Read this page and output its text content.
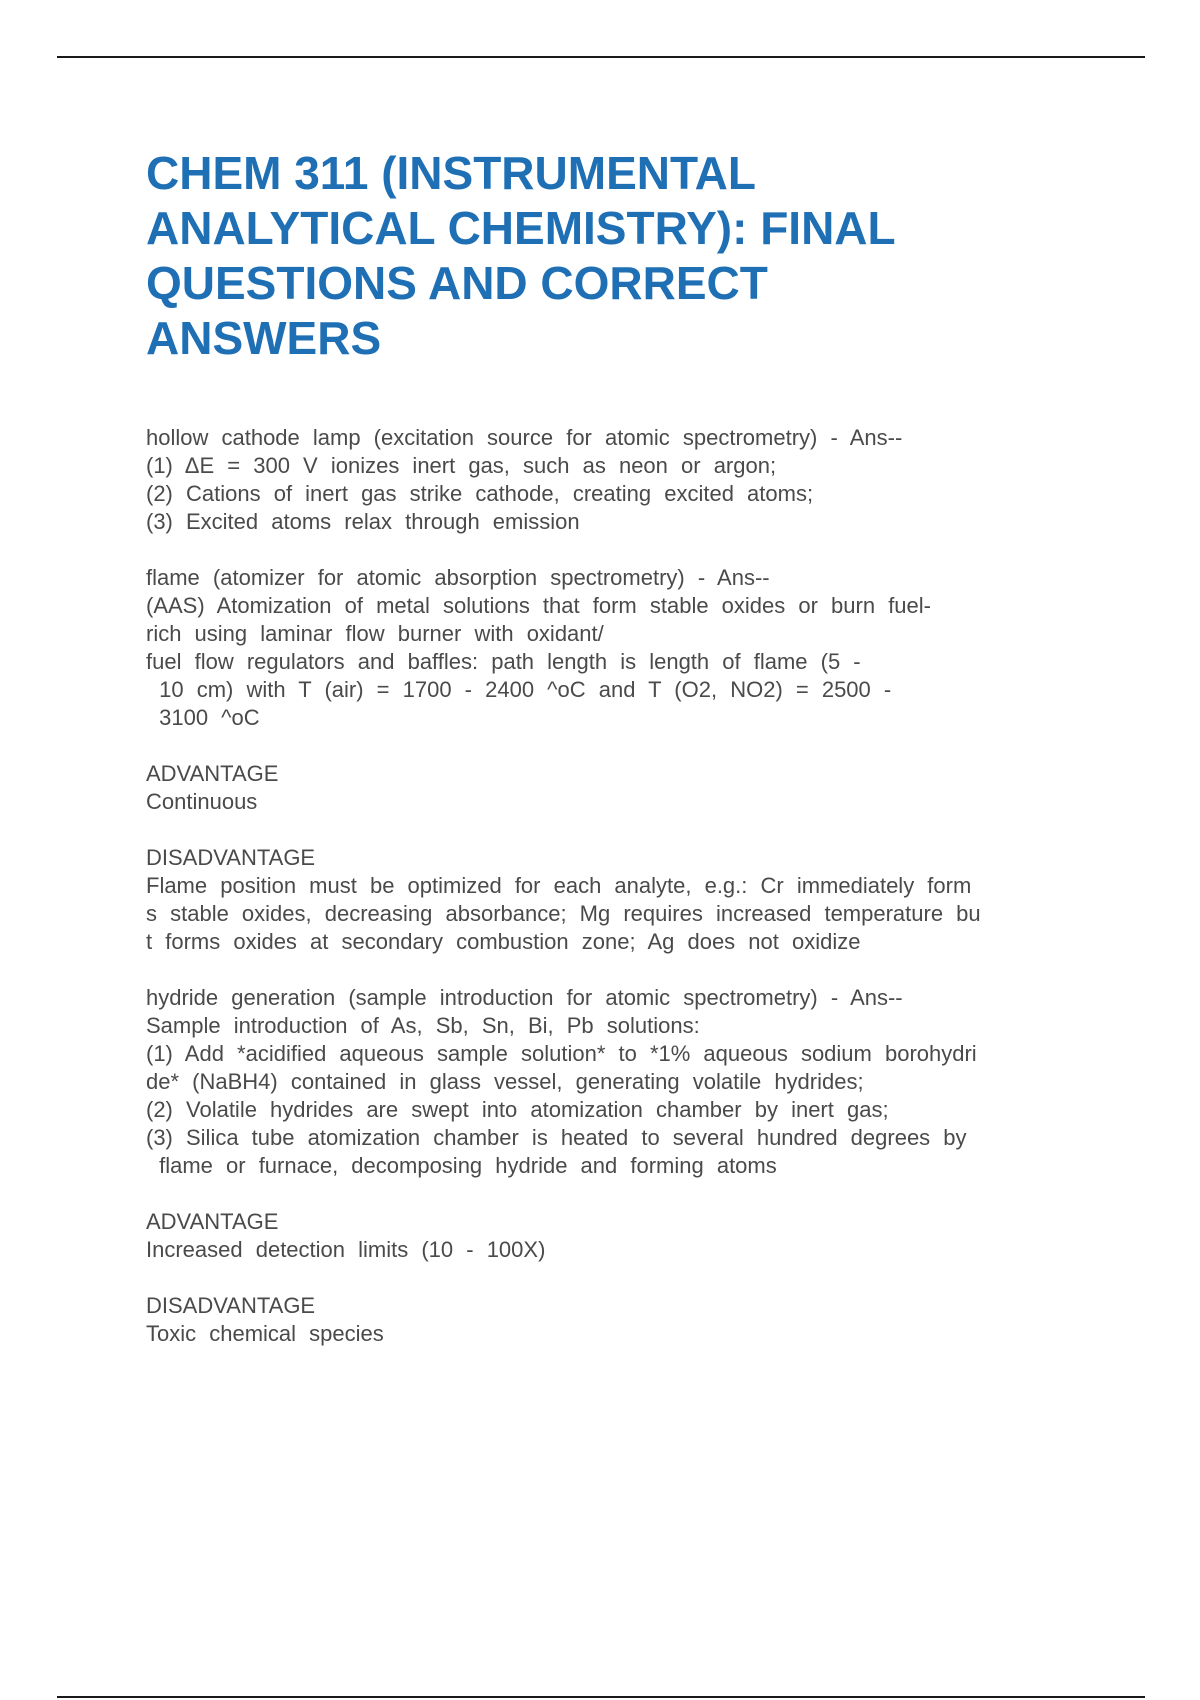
CHEM 311 (INSTRUMENTAL
ANALYTICAL CHEMISTRY): FINAL
QUESTIONS AND CORRECT
ANSWERS
hollow cathode lamp (excitation source for atomic spectrometry) - Ans--
(1) ΔE = 300 V ionizes inert gas, such as neon or argon;
(2) Cations of inert gas strike cathode, creating excited atoms;
(3) Excited atoms relax through emission
flame (atomizer for atomic absorption spectrometry) - Ans--
(AAS) Atomization of metal solutions that form stable oxides or burn fuel-
rich using laminar flow burner with oxidant/
fuel flow regulators and baffles: path length is length of flame (5 -
10 cm) with T (air) = 1700 - 2400 ^oC and T (O2, NO2) = 2500 -
3100 ^oC
ADVANTAGE
Continuous
DISADVANTAGE
Flame position must be optimized for each analyte, e.g.: Cr immediately form
s stable oxides, decreasing absorbance; Mg requires increased temperature bu
t forms oxides at secondary combustion zone; Ag does not oxidize
hydride generation (sample introduction for atomic spectrometry) - Ans--
Sample introduction of As, Sb, Sn, Bi, Pb solutions:
(1) Add *acidified aqueous sample solution* to *1% aqueous sodium borohydri
de* (NaBH4) contained in glass vessel, generating volatile hydrides;
(2) Volatile hydrides are swept into atomization chamber by inert gas;
(3) Silica tube atomization chamber is heated to several hundred degrees by
flame or furnace, decomposing hydride and forming atoms
ADVANTAGE
Increased detection limits (10 - 100X)
DISADVANTAGE
Toxic chemical species
